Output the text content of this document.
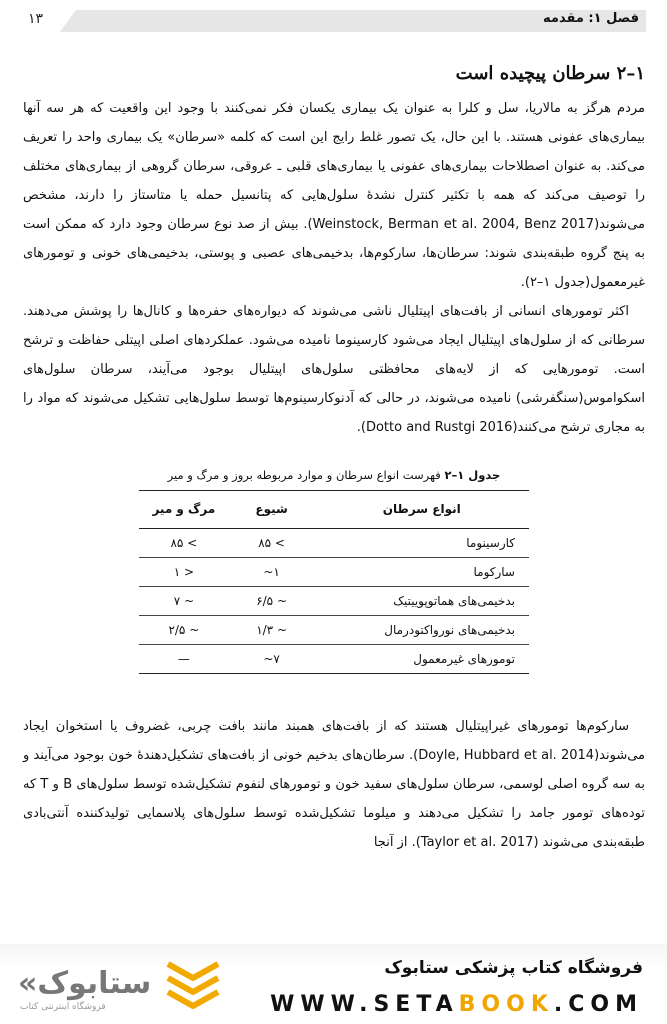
۱۳	فصل ۱: مقدمه
۱–۲ سرطان پیچیده است

مردم هرگز به مالاریا، سل و کلرا به عنوان یک بیماری یکسان فکر نمی‌کنند با وجود این واقعیت که هر سه آنها بیماری‌های عفونی هستند. با این حال، یک تصور غلط رایج این است که کلمه «سرطان» یک بیماری واحد را تعریف می‌کند. به عنوان اصطلاحات بیماری‌های عفونی یا بیماری‌های قلبی ـ عروقی، سرطان گروهی از بیماری‌های مختلف را توصیف می‌کند که همه با تکثیر کنترل نشدهٔ سلول‌هایی که پتانسیل حمله یا متاستاز را دارند، مشخص می‌شوند(Weinstock, Berman et al. 2004, Benz 2017). بیش از صد نوع سرطان وجود دارد که ممکن است به پنج گروه طبقه‌بندی شوند: سرطان‌ها، سارکوم‌ها، بدخیمی‌های عصبی و پوستی، بدخیمی‌های خونی و تومورهای غیرمعمول(جدول ۱–۲).

اکثر تومورهای انسانی از بافت‌های اپیتلیال ناشی می‌شوند که دیواره‌های حفره‌ها و کانال‌ها را پوشش می‌دهند. سرطانی که از سلول‌های اپیتلیال ایجاد می‌شود کارسینوما نامیده می‌شود. عملکردهای اصلی اپیتلی حفاظت و ترشح است. تومورهایی که از لایه‌های محافظتی سلول‌های اپیتلیال بوجود می‌آیند، سرطان سلول‌های اسکواموس(سنگفرشی) نامیده می‌شوند، در حالی که آدنوکارسینوم‌ها توسط سلول‌هایی تشکیل می‌شوند که مواد را به مجاری ترشح می‌کنند(Dotto and Rustgi 2016).

جدول ۱–۲ فهرست انواع سرطان و موارد مربوطه بروز و مرگ و میر
انواع سرطان	شیوع	مرگ و میر
کارسینوما	> ۸۵	> ۸۵
سارکوما	۱~	< ۱
بدخیمی‌های هماتوپوییتیک	~ ۶/۵	~ ۷
بدخیمی‌های نورواکتودرمال	~ ۱/۳	~ ۲/۵
تومورهای غیرمعمول	۷~	—

سارکوم‌ها تومورهای غیراپیتلیال هستند که از بافت‌های همبند مانند بافت چربی، غضروف یا استخوان ایجاد می‌شوند(Doyle, Hubbard et al. 2014). سرطان‌های بدخیم خونی از بافت‌های تشکیل‌دهندهٔ خون بوجود می‌آیند و به سه گروه اصلی لوسمی، سرطان سلول‌های سفید خون و تومورهای لنفوم تشکیل‌شده توسط سلول‌های B و T که توده‌های تومور جامد را تشکیل می‌دهند و میلوما تشکیل‌شده توسط سلول‌های پلاسمایی تولیدکننده آنتی‌بادی طبقه‌بندی می‌شوند (Taylor et al. 2017). از آنجا

«ستابوک
فروشگاه اینترنتی کتاب
فروشگاه کتاب پزشکی ستابوک
WWW.SETABOOK.COM
